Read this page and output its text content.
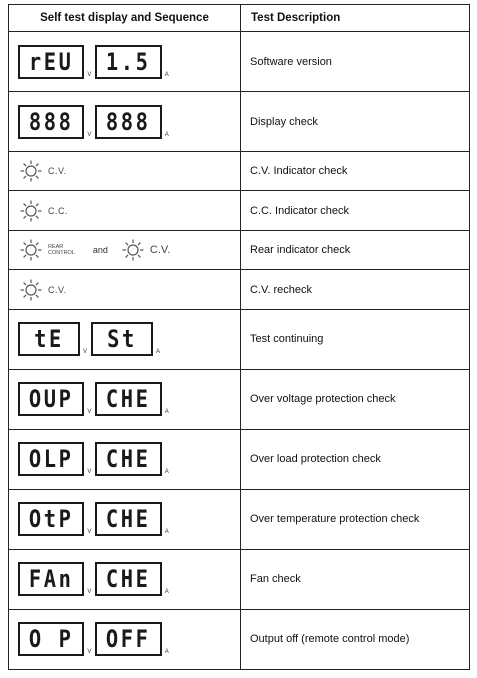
Self test display and Sequence	Test Description

rEU V 1.5 A	Software version

888 V 888 A	Display check

C.V.	C.V. Indicator check

C.C.	C.C. Indicator check

REAR
CONTROL and C.V.	Rear indicator check

C.V.	C.V. recheck

tE V St A	Test continuing

OUP V CHE A	Over voltage protection check

OLP V CHE A	Over load protection check

OtP V CHE A	Over temperature protection check

FAn V CHE A	Fan check

O P V OFF A	Output off (remote control mode)
